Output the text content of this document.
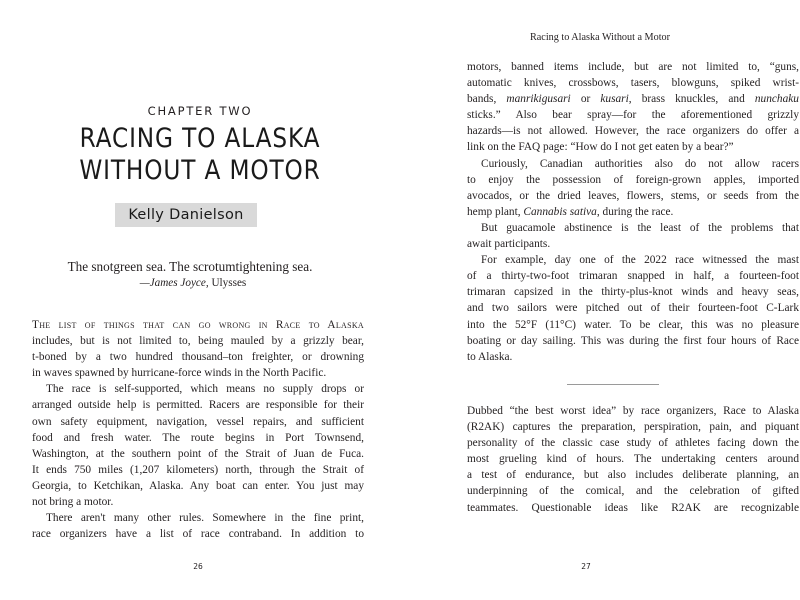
CHAPTER TWO
RACING TO ALASKA
WITHOUT A MOTOR
Kelly Danielson
The snotgreen sea. The scrotumtightening sea.
—James Joyce, Ulysses
The list of things that can go wrong in Race to Alaska
includes, but is not limited to, being mauled by a grizzly bear,
t-boned by a two hundred thousand–ton freighter, or drowning
in waves spawned by hurricane-force winds in the North Pacific.
The race is self-supported, which means no supply drops or
arranged outside help is permitted. Racers are responsible for their
own safety equipment, navigation, vessel repairs, and sufficient
food and fresh water. The route begins in Port Townsend,
Washington, at the southern point of the Strait of Juan de Fuca.
It ends 750 miles (1,207 kilometers) north, through the Strait of
Georgia, to Ketchikan, Alaska. Any boat can enter. You just may
not bring a motor.
There aren't many other rules. Somewhere in the fine print,
race organizers have a list of race contraband. In addition to
26
Racing to Alaska Without a Motor
motors, banned items include, but are not limited to, “guns,
automatic knives, crossbows, tasers, blowguns, spiked wrist-
bands, manrikigusari or kusari, brass knuckles, and nunchaku
sticks.” Also bear spray—for the aforementioned grizzly
hazards—is not allowed. However, the race organizers do offer a
link on the FAQ page: “How do I not get eaten by a bear?”
Curiously, Canadian authorities also do not allow racers
to enjoy the possession of foreign-grown apples, imported
avocados, or the dried leaves, flowers, stems, or seeds from the
hemp plant, Cannabis sativa, during the race.
But guacamole abstinence is the least of the problems that
await participants.
For example, day one of the 2022 race witnessed the mast
of a thirty-two-foot trimaran snapped in half, a fourteen-foot
trimaran capsized in the thirty-plus-knot winds and heavy seas,
and two sailors were pitched out of their fourteen-foot C-Lark
into the 52°F (11°C) water. To be clear, this was no pleasure
boating or day sailing. This was during the first four hours of Race
to Alaska.
Dubbed “the best worst idea” by race organizers, Race to Alaska
(R2AK) captures the preparation, perspiration, pain, and piquant
personality of the classic case study of athletes facing down the
most grueling kind of hours. The undertaking centers around
a test of endurance, but also includes deliberate planning, an
underpinning of the comical, and the celebration of gifted
teammates. Questionable ideas like R2AK are recognizable
27
